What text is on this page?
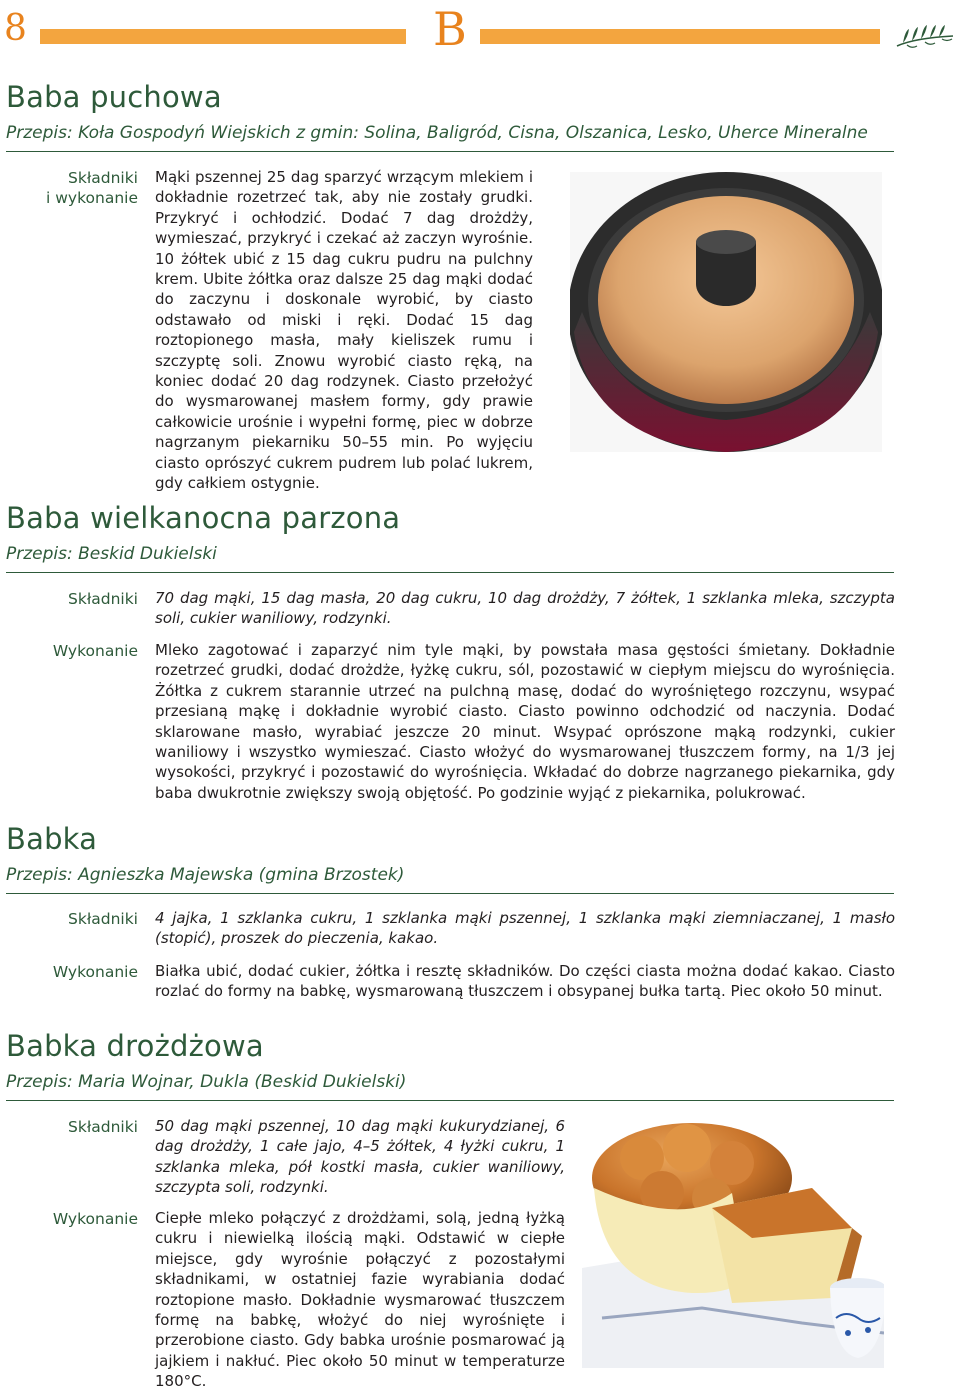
8	B
Baba puchowa

Przepis: Koła Gospodyń Wiejskich z gmin: Solina, Baligród, Cisna, Olszanica, Lesko, Uherce Mineralne

Składniki
i wykonanie

Mąki pszennej 25 dag sparzyć wrzącym mlekiem i dokładnie rozetrzeć tak, aby nie zostały grudki. Przykryć i ochłodzić. Dodać 7 dag drożdży, wymieszać, przykryć i czekać aż zaczyn wyrośnie. 10 żółtek ubić z 15 dag cukru pudru na pulchny krem. Ubite żółtka oraz dalsze 25 dag mąki dodać do zaczynu i doskonale wyrobić, by ciasto odstawało od miski i ręki. Dodać 15 dag roztopionego masła, mały kieliszek rumu i szczyptę soli. Znowu wyrobić ciasto ręką, na koniec dodać 20 dag rodzynek. Ciasto przełożyć do wysmarowanej masłem formy, gdy prawie całkowicie urośnie i wypełni formę, piec w dobrze nagrzanym piekarniku 50–55 min. Po wyjęciu ciasto oprószyć cukrem pudrem lub polać lukrem, gdy całkiem ostygnie.

Baba wielkanocna parzona

Przepis: Beskid Dukielski

Składniki 70 dag mąki, 15 dag masła, 20 dag cukru, 10 dag drożdży, 7 żółtek, 1 szklanka mleka, szczypta soli, cukier waniliowy, rodzynki.

Wykonanie Mleko zagotować i zaparzyć nim tyle mąki, by powstała masa gęstości śmietany. Dokładnie rozetrzeć grudki, dodać drożdże, łyżkę cukru, sól, pozostawić w ciepłym miejscu do wyrośnięcia. Żółtka z cukrem starannie utrzeć na pulchną masę, dodać do wyrośniętego rozczynu, wsypać przesianą mąkę i dokładnie wyrobić ciasto. Ciasto powinno odchodzić od naczynia. Dodać sklarowane masło, wyrabiać jeszcze 20 minut. Wsypać oprószone mąką rodzynki, cukier waniliowy i wszystko wymieszać. Ciasto włożyć do wysmarowanej tłuszczem formy, na 1/3 jej wysokości, przykryć i pozostawić do wyrośnięcia. Wkładać do dobrze nagrzanego piekarnika, gdy baba dwukrotnie zwiększy swoją objętość. Po godzinie wyjąć z piekarnika, polukrować.

Babka

Przepis: Agnieszka Majewska (gmina Brzostek)

Składniki 4 jajka, 1 szklanka cukru, 1 szklanka mąki pszennej, 1 szklanka mąki ziemniaczanej, 1 masło (stopić), proszek do pieczenia, kakao.

Wykonanie Białka ubić, dodać cukier, żółtka i resztę składników. Do części ciasta można dodać kakao. Ciasto rozlać do formy na babkę, wysmarowaną tłuszczem i obsypanej bułka tartą. Piec około 50 minut.

Babka drożdżowa

Przepis: Maria Wojnar, Dukla (Beskid Dukielski)

Składniki 50 dag mąki pszennej, 10 dag mąki kukurydzianej, 6 dag drożdży, 1 całe jajo, 4–5 żółtek, 4 łyżki cukru, 1 szklanka mleka, pół kostki masła, cukier waniliowy, szczypta soli, rodzynki.

Wykonanie Ciepłe mleko połączyć z drożdżami, solą, jedną łyżką cukru i niewielką ilością mąki. Odstawić w ciepłe miejsce, gdy wyrośnie połączyć z pozostałymi składnikami, w ostatniej fazie wyrabiania dodać roztopione masło. Dokładnie wysmarować tłuszczem formę na babkę, włożyć do niej wyrośnięte i przerobione ciasto. Gdy babka urośnie posmarować ją jajkiem i nakłuć. Piec około 50 minut w temperaturze 180°C.
